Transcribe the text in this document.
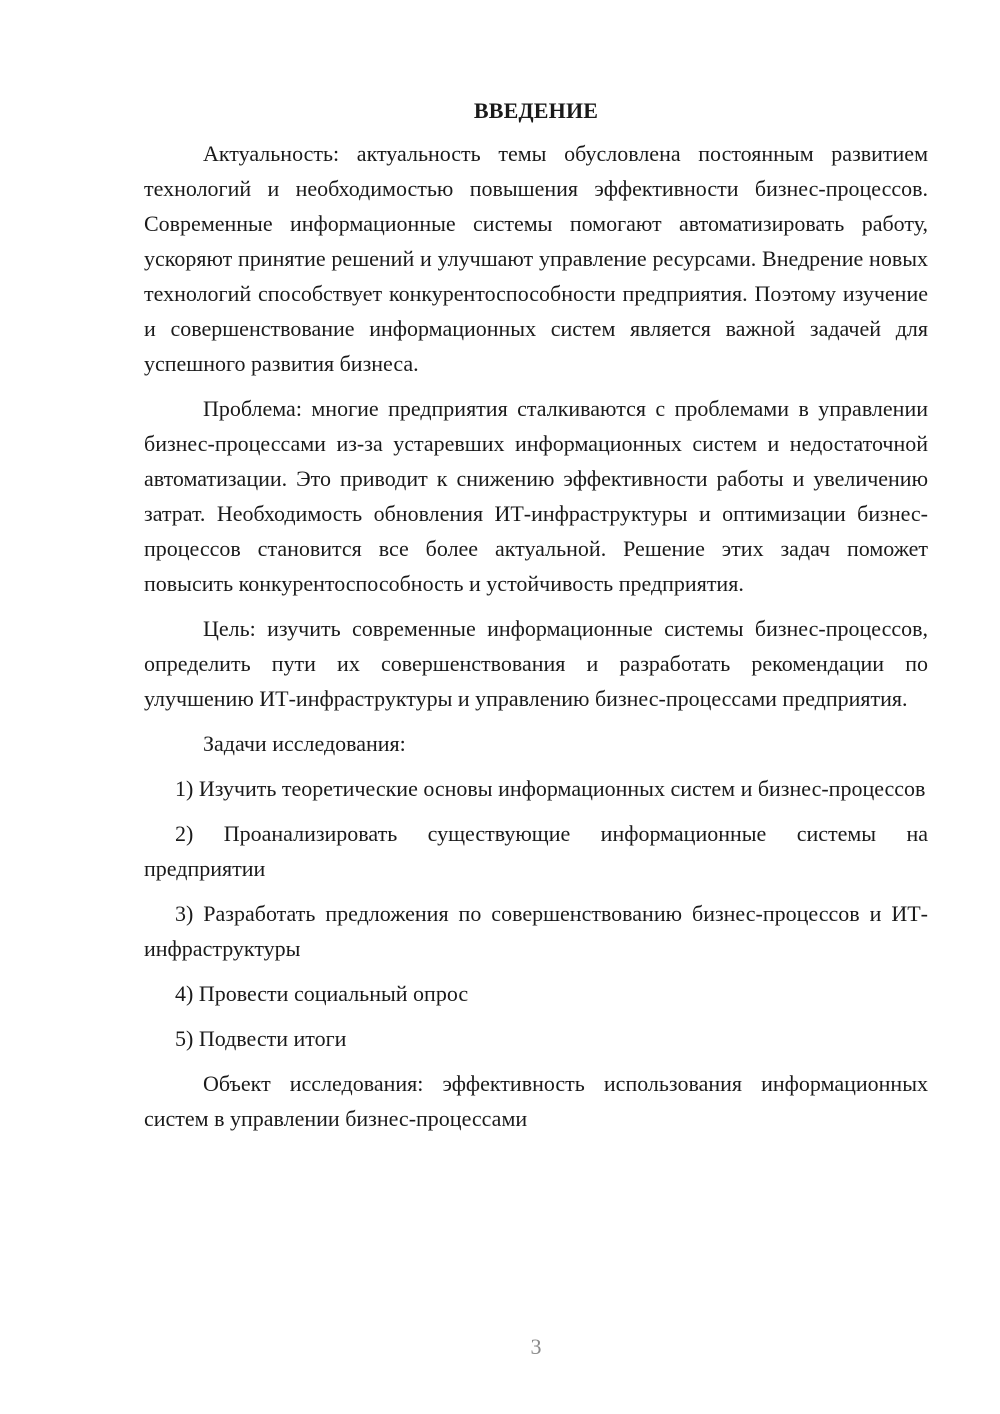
ВВЕДЕНИЕ

Актуальность: актуальность темы обусловлена постоянным развитием технологий и необходимостью повышения эффективности бизнес-процессов. Современные информационные системы помогают автоматизировать работу, ускоряют принятие решений и улучшают управление ресурсами. Внедрение новых технологий способствует конкурентоспособности предприятия. Поэтому изучение и совершенствование информационных систем является важной задачей для успешного развития бизнеса.

Проблема: многие предприятия сталкиваются с проблемами в управлении бизнес-процессами из-за устаревших информационных систем и недостаточной автоматизации. Это приводит к снижению эффективности работы и увеличению затрат. Необходимость обновления ИТ-инфраструктуры и оптимизации бизнес-процессов становится все более актуальной. Решение этих задач поможет повысить конкурентоспособность и устойчивость предприятия.

Цель: изучить современные информационные системы бизнес-процессов, определить пути их совершенствования и разработать рекомендации по улучшению ИТ-инфраструктуры и управлению бизнес-процессами предприятия.

Задачи исследования:

1) Изучить теоретические основы информационных систем и бизнес-процессов

2) Проанализировать существующие информационные системы на предприятии

3) Разработать предложения по совершенствованию бизнес-процессов и ИТ-инфраструктуры

4) Провести социальный опрос

5) Подвести итоги

Объект исследования: эффективность использования информационных систем в управлении бизнес-процессами

3
